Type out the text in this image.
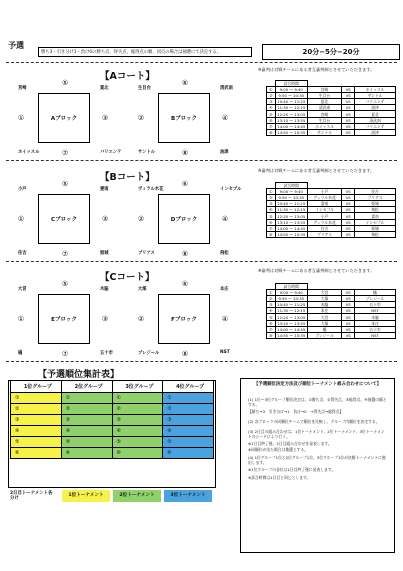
予選
勝ち3・引き分け1・負け0の勝ち点、得失点、総得点の順、同点の場合は抽選にて決定する。	20分−5分−20分
【Aコート】
※審判は対戦チームにある者互審判制とさせていただきます。
Aブロック
宮崎	夏北
ホイッスル	バリエンテ
⑤
①	③
⑦
Bブロック
生目台	清武南
サントル	油津
⑥
②	④
⑧
	試合時間			
①	9:00 〜 9:40	宮崎	VS	ホイッスル
②	9:50 〜 10:35	生目台	VS	サントル
③	10:40 〜 11:25	夏北	VS	バリエンテ
④	11:30 〜 12:15	清武南	VS	油津
⑤	12:20 〜 13:05	宮崎	VS	夏北
⑥	13:10 〜 13:55	生目台	VS	清武南
⑦	14:00 〜 14:45	ホイッスル	VS	バリエンテ
⑧	14:50 〜 15:35	サントル	VS	油津
【Bコート】
※審判は対戦チームにある者互審判制とさせていただきます。
Cブロック
小戸	妻南
住吉	姫城
⑤
①	③
⑦
Dブロック
ヴィラル木花	インセプル
ブリアス	飛松
⑥
②	④
⑧
	試合時間			
①	9:00 〜 9:40	小戸	VS	住吉
②	9:50 〜 10:35	ヴィラル木花	VS	ブリアス
③	10:40 〜 11:25	妻南	VS	姫城
④	11:30 〜 12:15	インセプル	VS	飛松
⑤	12:20 〜 13:05	小戸	VS	妻南
⑥	13:10 〜 13:55	ヴィラル木花	VS	インセプル
⑦	14:00 〜 14:45	住吉	VS	姫城
⑧	14:50 〜 15:35	ブリアス	VS	飛松
【Cコート】
※審判は対戦チームにある者互審判制とさせていただきます。
Eブロック
大宮	木脇
橘	五十市
⑤
①	③
⑦
Fブロック
大塚	本庄
ブレジール	NST
⑥
②	④
⑧
	試合時間			
①	9:00 〜 9:40	大宮	VS	橘
②	9:50 〜 10:35	大塚	VS	ブレジール
③	10:40 〜 11:25	木脇	VS	五十市
④	11:30 〜 12:15	本庄	VS	NST
⑤	12:20 〜 13:05	大宮	VS	木脇
⑥	13:10 〜 13:55	大塚	VS	本庄
⑦	14:00 〜 14:45	橘	VS	五十市
⑧	14:50 〜 15:35	ブレジール	VS	NST
【予選順位集計表】
1位グループ	2位グループ	3位グループ	4位グループ
①	①	①	①
②	②	②	②
③	③	③	③
④	④	④	④
⑤	⑤	⑤	⑤
⑥	⑥	⑥	⑥
2日目トーナメント各分け
1位トーナメント	2位トーナメント	3位トーナメント
【予選順位決定方法及び順位トーナメント組み合わせについて】
(1) 1位〜3位グループ順位決定は、①勝ち点、②得失点、③総得点、④抽選の順とする。
【勝ち→3　引き分け→1　負け→0　→得失点→総得点】
(2) 各ブロックの同順位チームで順位を比較し、グループ内順位を決定する。
(3) 2日目の組み合わせは、1位トーナメント、2位トーナメント、3位トーナメントのシードにより行う。
※1日目終了後、2日目組み合わせを発表します。
※同順位が出た場合は抽選とする。
(4) 1位グループ1位と2位グループ1位、3位グループ1位が決勝トーナメントに進出します。
※1位グループの各位は1日目終了後に発表します。
※試合時間は1日目と同じとします。
